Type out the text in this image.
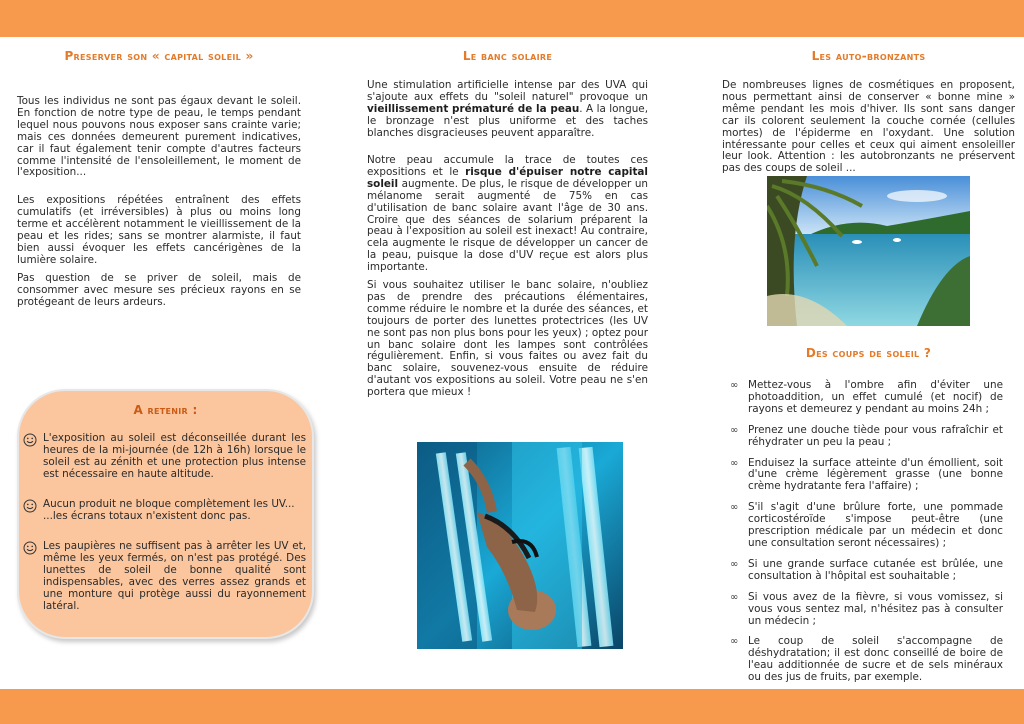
Preserver son « capital soleil »

Tous les individus ne sont pas égaux devant le soleil. En fonction de notre type de peau, le temps pendant lequel nous pouvons nous exposer sans crainte varie; mais ces données demeurent purement indicatives, car il faut également tenir compte d'autres facteurs comme l'intensité de l'ensoleillement, le moment de l'exposition...

Les expositions répétées entraînent des effets cumulatifs (et irréversibles) à plus ou moins long terme et accélèrent notamment le vieillissement de la peau et les rides; sans se montrer alarmiste, il faut bien aussi évoquer les effets cancérigènes de la lumière solaire.

Pas question de se priver de soleil, mais de consommer avec mesure ses précieux rayons en se protégeant de leurs ardeurs.

A retenir :

L'exposition au soleil est déconseillée durant les heures de la mi-journée (de 12h à 16h) lorsque le soleil est au zénith et une protection plus intense est nécessaire en haute altitude.

Aucun produit ne bloque complètement les UV...

...les écrans totaux n'existent donc pas.

Les paupières ne suffisent pas à arrêter les UV et, même les yeux fermés, on n'est pas protégé. Des lunettes de soleil de bonne qualité sont indispensables, avec des verres assez grands et une monture qui protège aussi du rayonnement latéral.

Le banc solaire

Une stimulation artificielle intense par des UVA qui s'ajoute aux effets du "soleil naturel" provoque un vieillissement prématuré de la peau. A la longue, le bronzage n'est plus uniforme et des taches blanches disgracieuses peuvent apparaître.

Notre peau accumule la trace de toutes ces expositions et le risque d'épuiser notre capital soleil augmente. De plus, le risque de développer un mélanome serait augmenté de 75% en cas d'utilisation de banc solaire avant l'âge de 30 ans. Croire que des séances de solarium préparent la peau à l'exposition au soleil est inexact! Au contraire, cela augmente le risque de développer un cancer de la peau, puisque la dose d'UV reçue est alors plus importante.

Si vous souhaitez utiliser le banc solaire, n'oubliez pas de prendre des précautions élémentaires, comme réduire le nombre et la durée des séances, et toujours de porter des lunettes protectrices (les UV ne sont pas non plus bons pour les yeux) ; optez pour un banc solaire dont les lampes sont contrôlées régulièrement. Enfin, si vous faites ou avez fait du banc solaire, souvenez-vous ensuite de réduire d'autant vos expositions au soleil. Votre peau ne s'en portera que mieux !

Les auto-bronzants

De nombreuses lignes de cosmétiques en proposent, nous permettant ainsi de conserver « bonne mine » même pendant les mois d'hiver. Ils sont sans danger car ils colorent seulement la couche cornée (cellules mortes) de l'épiderme en l'oxydant. Une solution intéressante pour celles et ceux qui aiment ensoleiller leur look. Attention : les autobronzants ne préservent pas des coups de soleil ...

Des coups de soleil ?
∞ Mettez-vous à l'ombre afin d'éviter une photoaddition, un effet cumulé (et nocif) de rayons et demeurez y pendant au moins 24h ;
∞ Prenez une douche tiède pour vous rafraîchir et réhydrater un peu la peau ;
∞ Enduisez la surface atteinte d'un émollient, soit d'une crème légèrement grasse (une bonne crème hydratante fera l'affaire) ;
∞ S'il s'agit d'une brûlure forte, une pommade corticostéroïde s'impose peut-être (une prescription médicale par un médecin et donc une consultation seront nécessaires) ;
∞ Si une grande surface cutanée est brûlée, une consultation à l'hôpital est souhaitable ;
∞ Si vous avez de la fièvre, si vous vomissez, si vous vous sentez mal, n'hésitez pas à consulter un médecin ;
∞ Le coup de soleil s'accompagne de déshydratation; il est donc conseillé de boire de l'eau additionnée de sucre et de sels minéraux ou des jus de fruits, par exemple.
